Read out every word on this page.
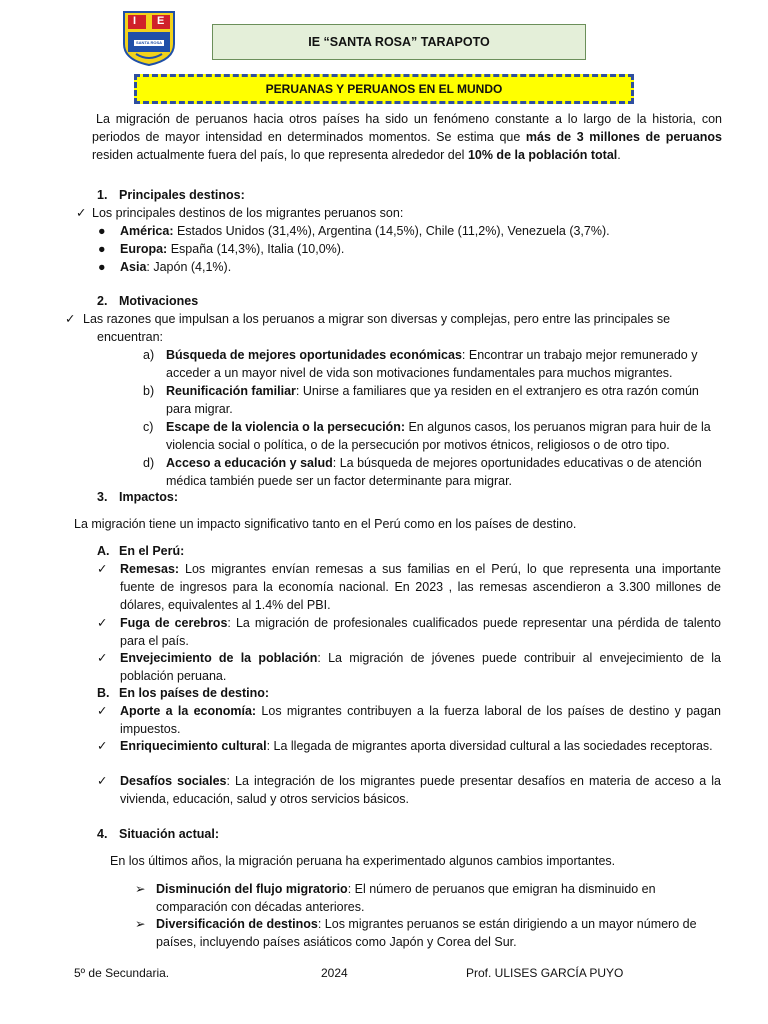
I E
SANTA ROSA	IE “SANTA ROSA” TARAPOTO
PERUANAS Y PERUANOS EN EL MUNDO
La migración de peruanos hacia otros países ha sido un fenómeno constante a lo largo de la historia, con periodos de mayor intensidad en determinados momentos. Se estima que más de 3 millones de peruanos residen actualmente fuera del país, lo que representa alrededor del 10% de la población total.
1. Principales destinos:
✓ Los principales destinos de los migrantes peruanos son:
● América: Estados Unidos (31,4%), Argentina (14,5%), Chile (11,2%), Venezuela (3,7%).
● Europa: España (14,3%), Italia (10,0%).
● Asia: Japón (4,1%).
2. Motivaciones
✓ Las razones que impulsan a los peruanos a migrar son diversas y complejas, pero entre las principales se
encuentran:
a) Búsqueda de mejores oportunidades económicas: Encontrar un trabajo mejor remunerado y
acceder a un mayor nivel de vida son motivaciones fundamentales para muchos migrantes.
b) Reunificación familiar: Unirse a familiares que ya residen en el extranjero es otra razón común
para migrar.
c) Escape de la violencia o la persecución: En algunos casos, los peruanos migran para huir de la
violencia social o política, o de la persecución por motivos étnicos, religiosos o de otro tipo.
d) Acceso a educación y salud: La búsqueda de mejores oportunidades educativas o de atención
médica también puede ser un factor determinante para migrar.
3. Impactos:
La migración tiene un impacto significativo tanto en el Perú como en los países de destino.
A. En el Perú:
✓ Remesas: Los migrantes envían remesas a sus familias en el Perú, lo que representa una importante fuente de ingresos para la economía nacional. En 2023 , las remesas ascendieron a 3.300 millones de dólares, equivalentes al 1.4% del PBI.
✓ Fuga de cerebros: La migración de profesionales cualificados puede representar una pérdida de talento para el país.
✓ Envejecimiento de la población: La migración de jóvenes puede contribuir al envejecimiento de la población peruana.
B. En los países de destino:
✓ Aporte a la economía: Los migrantes contribuyen a la fuerza laboral de los países de destino y pagan impuestos.
✓ Enriquecimiento cultural: La llegada de migrantes aporta diversidad cultural a las sociedades receptoras.
✓ Desafíos sociales: La integración de los migrantes puede presentar desafíos en materia de acceso a la vivienda, educación, salud y otros servicios básicos.
4. Situación actual:
En los últimos años, la migración peruana ha experimentado algunos cambios importantes.
➢ Disminución del flujo migratorio: El número de peruanos que emigran ha disminuido en
comparación con décadas anteriores.
➢ Diversificación de destinos: Los migrantes peruanos se están dirigiendo a un mayor número de
países, incluyendo países asiáticos como Japón y Corea del Sur.
5º de Secundaria.	2024	Prof. ULISES GARCÍA PUYO
